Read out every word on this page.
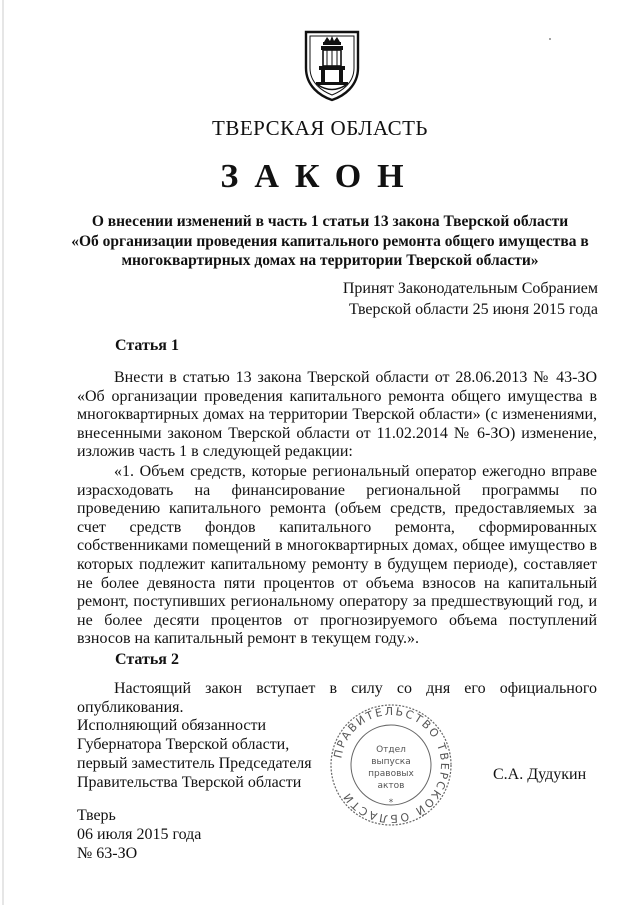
ТВЕРСКАЯ ОБЛАСТЬ
ЗАКОН
О внесении изменений в часть 1 статьи 13 закона Тверской области
«Об организации проведения капитального ремонта общего имущества в
многоквартирных домах на территории Тверской области»
Принят Законодательным Собранием
Тверской области 25 июня 2015 года
Статья 1
Внести в статью 13 закона Тверской области от 28.06.2013 № 43-ЗО «Об организации проведения капитального ремонта общего имущества в многоквартирных домах на территории Тверской области» (с изменениями, внесенными законом Тверской области от 11.02.2014 № 6-ЗО) изменение, изложив часть 1 в следующей редакции:
«1. Объем средств, которые региональный оператор ежегодно вправе израсходовать на финансирование региональной программы по проведению капитального ремонта (объем средств, предоставляемых за счет средств фондов капитального ремонта, сформированных собственниками помещений в многоквартирных домах, общее имущество в которых подлежит капитальному ремонту в будущем периоде), составляет не более девяноста пяти процентов от объема взносов на капитальный ремонт, поступивших региональному оператору за предшествующий год, и не более десяти процентов от прогнозируемого объема поступлений взносов на капитальный ремонт в текущем году.».
Статья 2
Настоящий закон вступает в силу со дня его официального опубликования.
Исполняющий обязанности
Губернатора Тверской области,
первый заместитель Председателя
Правительства Тверской области
ПРАВИТЕЛЬСТВО ТВЕРСКОЙ ОБЛАСТИ
Отдел
выпуска
правовых
актов
*
С.А. Дудукин
Тверь
06 июля 2015 года
№ 63-ЗО
